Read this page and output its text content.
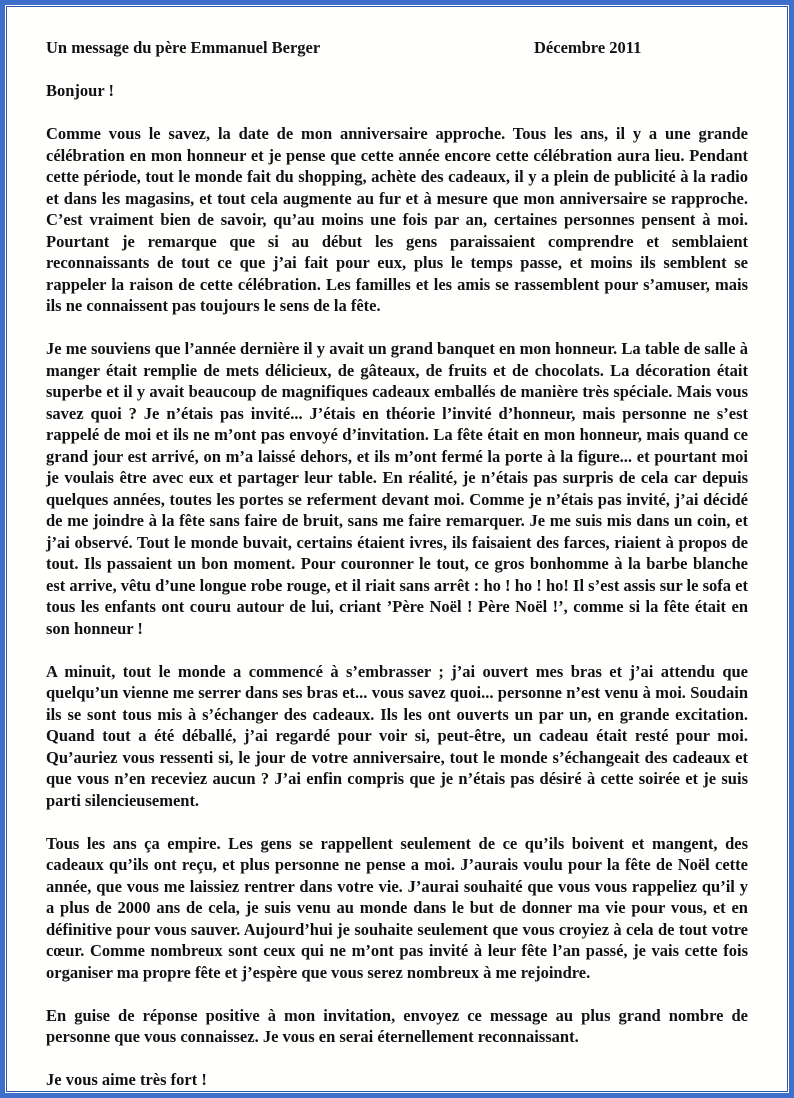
Un message du père Emmanuel Berger	Décembre 2011

Bonjour !

Comme vous le savez, la date de mon anniversaire approche. Tous les ans, il y a une grande célébration en mon honneur et je pense que cette année encore cette célébration aura lieu. Pendant cette période, tout le monde fait du shopping, achète des cadeaux, il y a plein de publicité à la radio et dans les magasins, et tout cela augmente au fur et à mesure que mon anniversaire se rapproche. C’est vraiment bien de savoir, qu’au moins une fois par an, certaines personnes pensent à moi. Pourtant je remarque que si au début les gens paraissaient comprendre et semblaient reconnaissants de tout ce que j’ai fait pour eux, plus le temps passe, et moins ils semblent se rappeler la raison de cette célébration. Les familles et les amis se rassemblent pour s’amuser, mais ils ne connaissent pas toujours le sens de la fête.

Je me souviens que l’année dernière il y avait un grand banquet en mon honneur. La table de salle à manger était remplie de mets délicieux, de gâteaux, de fruits et de chocolats. La décoration était superbe et il y avait beaucoup de magnifiques cadeaux emballés de manière très spéciale. Mais vous savez quoi ? Je n’étais pas invité... J’étais en théorie l’invité d’honneur, mais personne ne s’est rappelé de moi et ils ne m’ont pas envoyé d’invitation. La fête était en mon honneur, mais quand ce grand jour est arrivé, on m’a laissé dehors, et ils m’ont fermé la porte à la figure... et pourtant moi je voulais être avec eux et partager leur table. En réalité, je n’étais pas surpris de cela car depuis quelques années, toutes les portes se referment devant moi. Comme je n’étais pas invité, j’ai décidé de me joindre à la fête sans faire de bruit, sans me faire remarquer. Je me suis mis dans un coin, et j’ai observé. Tout le monde buvait, certains étaient ivres, ils faisaient des farces, riaient à propos de tout. Ils passaient un bon moment. Pour couronner le tout, ce gros bonhomme à la barbe blanche est arrive, vêtu d’une longue robe rouge, et il riait sans arrêt : ho ! ho ! ho! Il s’est assis sur le sofa et tous les enfants ont couru autour de lui, criant ’Père Noël ! Père Noël !’, comme si la fête était en son honneur !

A minuit, tout le monde a commencé à s’embrasser ; j’ai ouvert mes bras et j’ai attendu que quelqu’un vienne me serrer dans ses bras et... vous savez quoi... personne n’est venu à moi. Soudain ils se sont tous mis à s’échanger des cadeaux. Ils les ont ouverts un par un, en grande excitation. Quand tout a été déballé, j’ai regardé pour voir si, peut-être, un cadeau était resté pour moi. Qu’auriez vous ressenti si, le jour de votre anniversaire, tout le monde s’échangeait des cadeaux et que vous n’en receviez aucun ? J’ai enfin compris que je n’étais pas désiré à cette soirée et je suis parti silencieusement.

Tous les ans ça empire. Les gens se rappellent seulement de ce qu’ils boivent et mangent, des cadeaux qu’ils ont reçu, et plus personne ne pense a moi. J’aurais voulu pour la fête de Noël cette année, que vous me laissiez rentrer dans votre vie. J’aurai souhaité que vous vous rappeliez qu’il y a plus de 2000 ans de cela, je suis venu au monde dans le but de donner ma vie pour vous, et en définitive pour vous sauver. Aujourd’hui je souhaite seulement que vous croyiez à cela de tout votre cœur. Comme nombreux sont ceux qui ne m’ont pas invité à leur fête l’an passé, je vais cette fois organiser ma propre fête et j’espère que vous serez nombreux à me rejoindre.

En guise de réponse positive à mon invitation, envoyez ce message au plus grand nombre de personne que vous connaissez. Je vous en serai éternellement reconnaissant.

Je vous aime très fort !
